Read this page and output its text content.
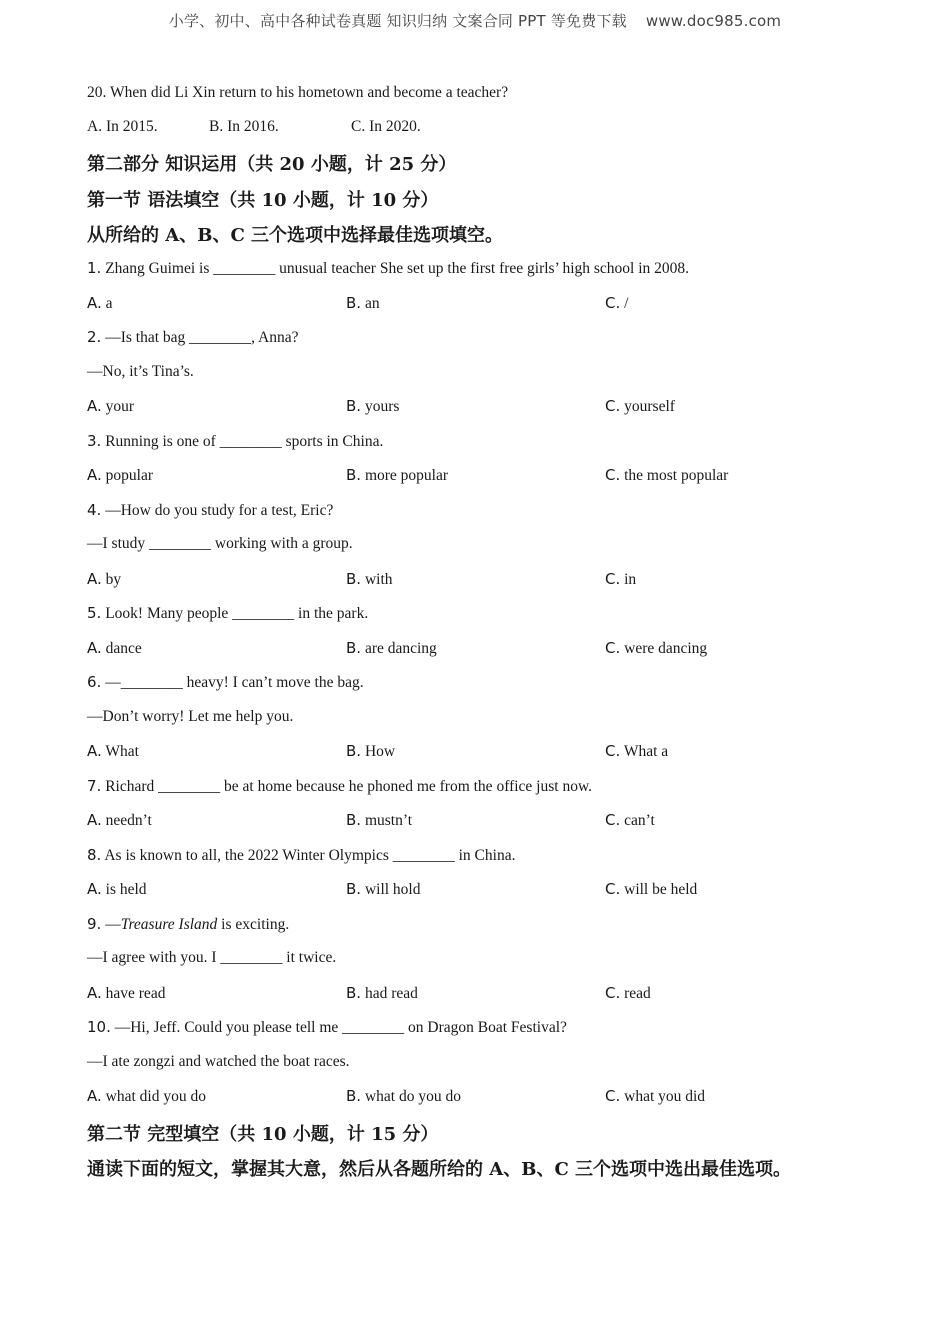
小学、初中、高中各种试卷真题 知识归纳 文案合同 PPT 等免费下载 www.doc985.com
20. When did Li Xin return to his hometown and become a teacher?
A. In 2015.	B. In 2016.	C. In 2020.
第二部分 知识运用（共 20 小题，计 25 分）
第一节 语法填空（共 10 小题，计 10 分）
从所给的 A、B、C 三个选项中选择最佳选项填空。
1. Zhang Guimei is ________ unusual teacher She set up the first free girls’ high school in 2008.
A. a	B. an	C. /
2. —Is that bag ________, Anna?
—No, it’s Tina’s.
A. your	B. yours	C. yourself
3. Running is one of ________ sports in China.
A. popular	B. more popular	C. the most popular
4. —How do you study for a test, Eric?
—I study ________ working with a group.
A. by	B. with	C. in
5. Look! Many people ________ in the park.
A. dance	B. are dancing	C. were dancing
6. —________ heavy! I can’t move the bag.
—Don’t worry! Let me help you.
A. What	B. How	C. What a
7. Richard ________ be at home because he phoned me from the office just now.
A. needn’t	B. mustn’t	C. can’t
8. As is known to all, the 2022 Winter Olympics ________ in China.
A. is held	B. will hold	C. will be held
9. —Treasure Island is exciting.
—I agree with you. I ________ it twice.
A. have read	B. had read	C. read
10. —Hi, Jeff. Could you please tell me ________ on Dragon Boat Festival?
—I ate zongzi and watched the boat races.
A. what did you do	B. what do you do	C. what you did
第二节 完型填空（共 10 小题，计 15 分）
通读下面的短文，掌握其大意，然后从各题所给的 A、B、C 三个选项中选出最佳选项。
